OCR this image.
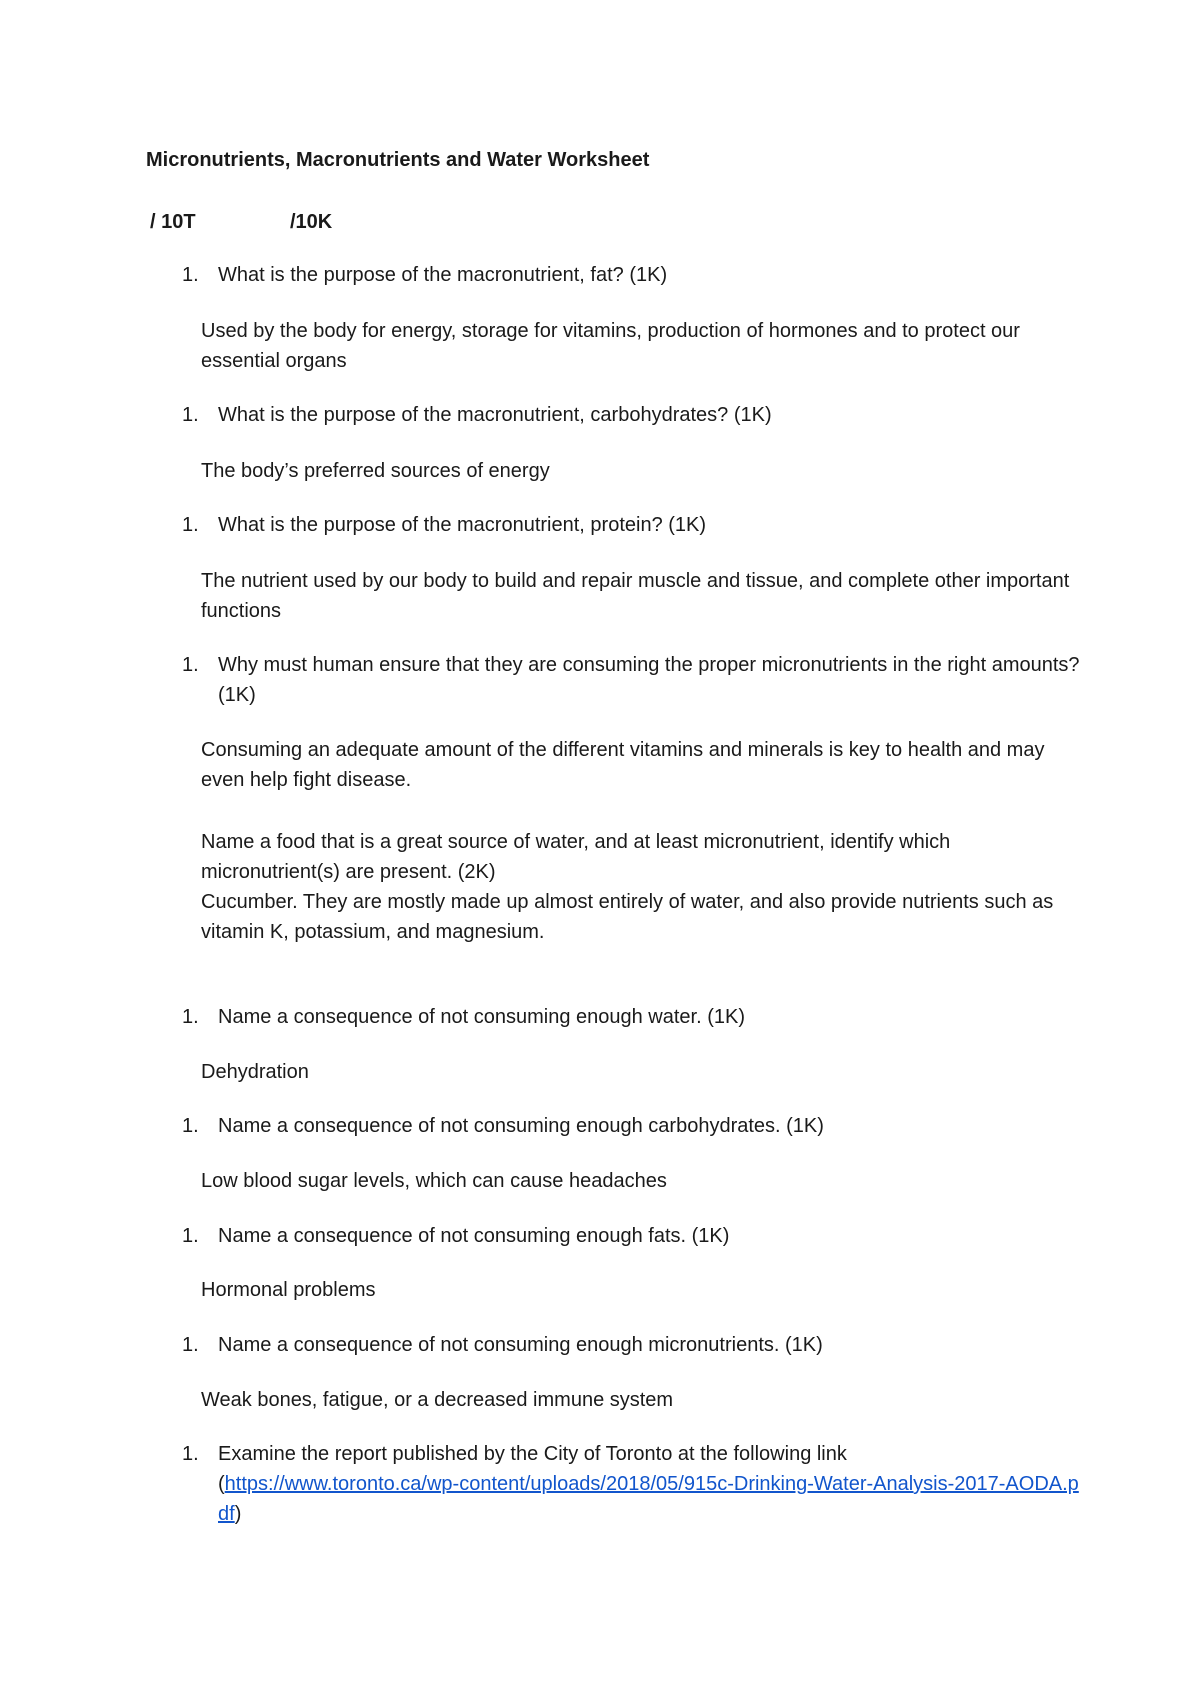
Micronutrients, Macronutrients and Water Worksheet
/ 10T	/10K
1. What is the purpose of the macronutrient, fat? (1K)

Used by the body for energy, storage for vitamins, production of hormones and to protect our essential organs

1. What is the purpose of the macronutrient, carbohydrates? (1K)

The body’s preferred sources of energy

1. What is the purpose of the macronutrient, protein? (1K)

The nutrient used by our body to build and repair muscle and tissue, and complete other important functions

1. Why must human ensure that they are consuming the proper micronutrients in the right amounts? (1K)

Consuming an adequate amount of the different vitamins and minerals is key to health and may even help fight disease.

Name a food that is a great source of water, and at least micronutrient, identify which micronutrient(s) are present. (2K)

Cucumber. They are mostly made up almost entirely of water, and also provide nutrients such as vitamin K, potassium, and magnesium.

1. Name a consequence of not consuming enough water. (1K)

Dehydration

1. Name a consequence of not consuming enough carbohydrates. (1K)

Low blood sugar levels, which can cause headaches

1. Name a consequence of not consuming enough fats. (1K)

Hormonal problems

1. Name a consequence of not consuming enough micronutrients. (1K)

Weak bones, fatigue, or a decreased immune system

1. Examine the report published by the City of Toronto at the following link
(https://www.toronto.ca/wp-content/uploads/2018/05/915c-Drinking-Water-Analysis-2017-AODA.pdf)
